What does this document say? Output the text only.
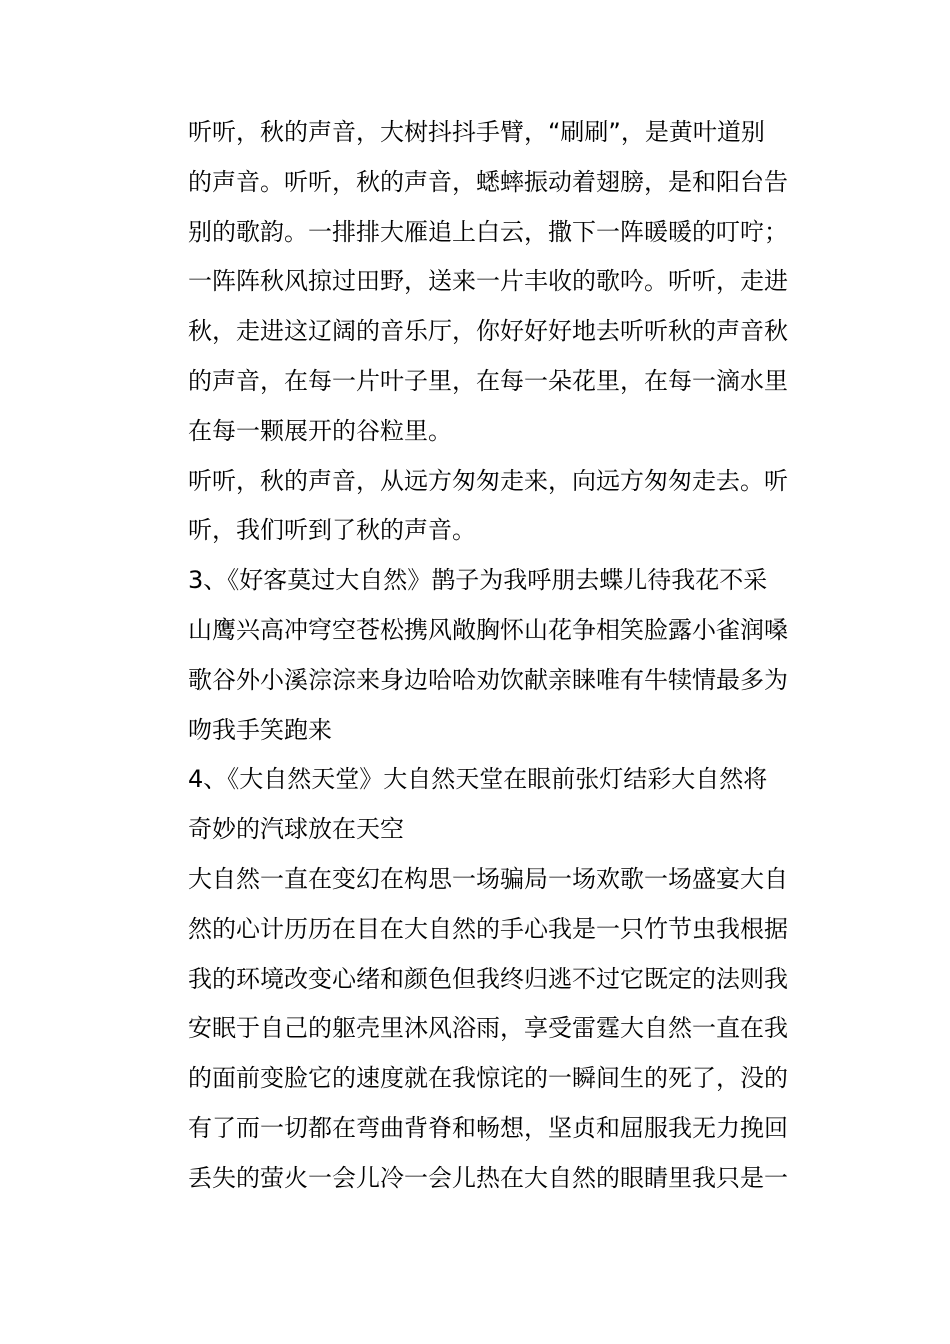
听听，秋的声音，大树抖抖手臂，“刷刷”，是黄叶道别
的声音。听听，秋的声音，蟋蟀振动着翅膀，是和阳台告
别的歌韵。一排排大雁追上白云，撒下一阵暖暖的叮咛；
一阵阵秋风掠过田野，送来一片丰收的歌吟。听听，走进
秋，走进这辽阔的音乐厅，你好好好地去听听秋的声音秋
的声音，在每一片叶子里，在每一朵花里，在每一滴水里
在每一颗展开的谷粒里。
听听，秋的声音，从远方匆匆走来，向远方匆匆走去。听
听，我们听到了秋的声音。
3、《好客莫过大自然》鹊子为我呼朋去蝶儿待我花不采
山鹰兴高冲穹空苍松携风敞胸怀山花争相笑脸露小雀润嗓
歌谷外小溪淙淙来身边哈哈劝饮献亲睐唯有牛犊情最多为
吻我手笑跑来
4、《大自然天堂》大自然天堂在眼前张灯结彩大自然将
奇妙的汽球放在天空
大自然一直在变幻在构思一场骗局一场欢歌一场盛宴大自
然的心计历历在目在大自然的手心我是一只竹节虫我根据
我的环境改变心绪和颜色但我终归逃不过它既定的法则我
安眠于自己的躯壳里沐风浴雨，享受雷霆大自然一直在我
的面前变脸它的速度就在我惊诧的一瞬间生的死了，没的
有了而一切都在弯曲背脊和畅想，坚贞和屈服我无力挽回
丢失的萤火一会儿冷一会儿热在大自然的眼睛里我只是一
